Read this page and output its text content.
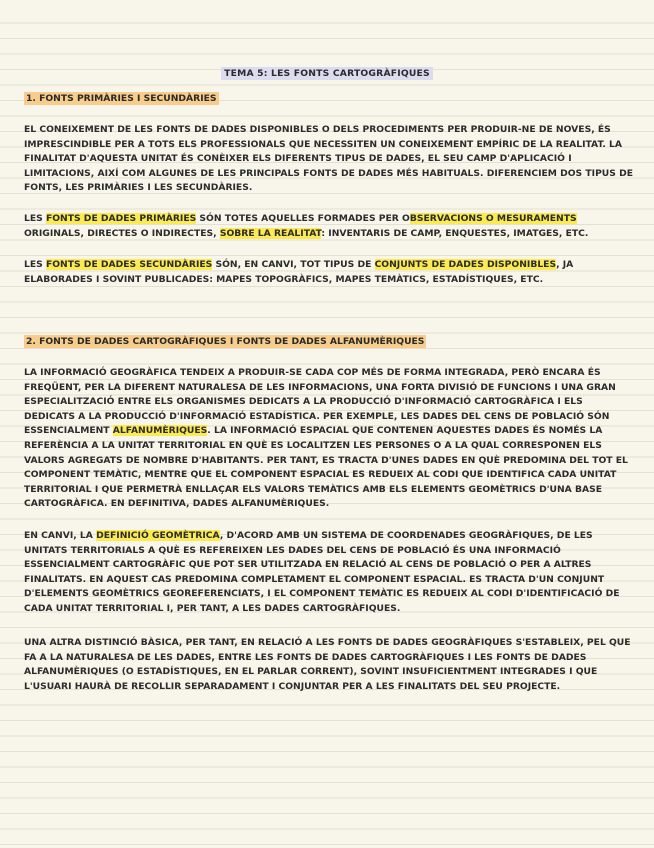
TEMA 5: LES FONTS CARTOGRÀFIQUES
1. FONTS PRIMÀRIES I SECUNDÀRIES
EL CONEIXEMENT DE LES FONTS DE DADES DISPONIBLES O DELS PROCEDIMENTS PER PRODUIR-NE DE NOVES, ÉS IMPRESCINDIBLE PER A TOTS ELS PROFESSIONALS QUE NECESSITEN UN CONEIXEMENT EMPÍRIC DE LA REALITAT. LA FINALITAT D'AQUESTA UNITAT ÉS CONÈIXER ELS DIFERENTS TIPUS DE DADES, EL SEU CAMP D'APLICACIÓ I LIMITACIONS, AIXÍ COM ALGUNES DE LES PRINCIPALS FONTS DE DADES MÉS HABITUALS. DIFERENCIEM DOS TIPUS DE FONTS, LES PRIMÀRIES I LES SECUNDÀRIES.
LES FONTS DE DADES PRIMÀRIES SÓN TOTES AQUELLES FORMADES PER OBSERVACIONS O MESURAMENTS ORIGINALS, DIRECTES O INDIRECTES, SOBRE LA REALITAT: INVENTARIS DE CAMP, ENQUESTES, IMATGES, ETC.
LES FONTS DE DADES SECUNDÀRIES SÓN, EN CANVI, TOT TIPUS DE CONJUNTS DE DADES DISPONIBLES, JA ELABORADES I SOVINT PUBLICADES: MAPES TOPOGRÀFICS, MAPES TEMÀTICS, ESTADÍSTIQUES, ETC.
2. FONTS DE DADES CARTOGRÀFIQUES I FONTS DE DADES ALFANUMÈRIQUES
LA INFORMACIÓ GEOGRÀFICA TENDEIX A PRODUIR-SE CADA COP MÉS DE FORMA INTEGRADA, PERÒ ENCARA ÉS FREQÜENT, PER LA DIFERENT NATURALESA DE LES INFORMACIONS, UNA FORTA DIVISIÓ DE FUNCIONS I UNA GRAN ESPECIALITZACIÓ ENTRE ELS ORGANISMES DEDICATS A LA PRODUCCIÓ D'INFORMACIÓ CARTOGRÀFICA I ELS DEDICATS A LA PRODUCCIÓ D'INFORMACIÓ ESTADÍSTICA. PER EXEMPLE, LES DADES DEL CENS DE POBLACIÓ SÓN ESSENCIALMENT ALFANUMÈRIQUES. LA INFORMACIÓ ESPACIAL QUE CONTENEN AQUESTES DADES ÉS NOMÉS LA REFERÈNCIA A LA UNITAT TERRITORIAL EN QUÈ ES LOCALITZEN LES PERSONES O A LA QUAL CORRESPONEN ELS VALORS AGREGATS DE NOMBRE D'HABITANTS. PER TANT, ES TRACTA D'UNES DADES EN QUÈ PREDOMINA DEL TOT EL COMPONENT TEMÀTIC, MENTRE QUE EL COMPONENT ESPACIAL ES REDUEIX AL CODI QUE IDENTIFICA CADA UNITAT TERRITORIAL I QUE PERMETRÀ ENLLAÇAR ELS VALORS TEMÀTICS AMB ELS ELEMENTS GEOMÈTRICS D'UNA BASE CARTOGRÀFICA. EN DEFINITIVA, DADES ALFANUMÈRIQUES.
EN CANVI, LA DEFINICIÓ GEOMÈTRICA, D'ACORD AMB UN SISTEMA DE COORDENADES GEOGRÀFIQUES, DE LES UNITATS TERRITORIALS A QUÈ ES REFEREIXEN LES DADES DEL CENS DE POBLACIÓ ÉS UNA INFORMACIÓ ESSENCIALMENT CARTOGRÀFIC QUE POT SER UTILITZADA EN RELACIÓ AL CENS DE POBLACIÓ O PER A ALTRES FINALITATS. EN AQUEST CAS PREDOMINA COMPLETAMENT EL COMPONENT ESPACIAL. ES TRACTA D'UN CONJUNT D'ELEMENTS GEOMÈTRICS GEOREFERENCIATS, I EL COMPONENT TEMÀTIC ES REDUEIX AL CODI D'IDENTIFICACIÓ DE CADA UNITAT TERRITORIAL I, PER TANT, A LES DADES CARTOGRÀFIQUES.
UNA ALTRA DISTINCIÓ BÀSICA, PER TANT, EN RELACIÓ A LES FONTS DE DADES GEOGRÀFIQUES S'ESTABLEIX, PEL QUE FA A LA NATURALESA DE LES DADES, ENTRE LES FONTS DE DADES CARTOGRÀFIQUES I LES FONTS DE DADES ALFANUMÈRIQUES (O ESTADÍSTIQUES, EN EL PARLAR CORRENT), SOVINT INSUFICIENTMENT INTEGRADES I QUE L'USUARI HAURÀ DE RECOLLIR SEPARADAMENT I CONJUNTAR PER A LES FINALITATS DEL SEU PROJECTE.
